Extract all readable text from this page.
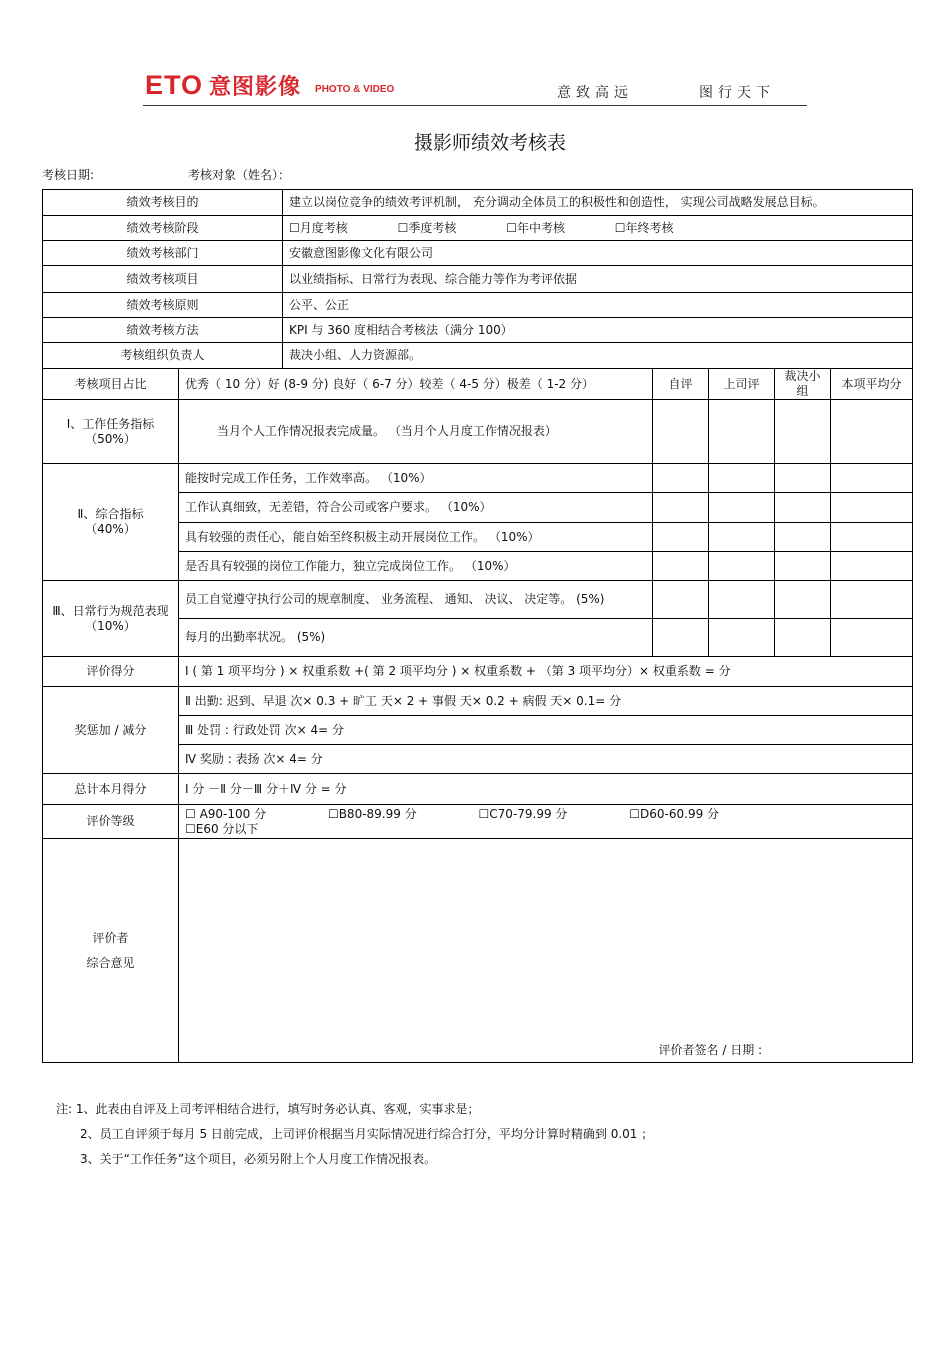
ETO 意图影像 PHOTO & VIDEO	意致高远	图行天下
摄影师绩效考核表
考核日期:	考核对象（姓名）：
绩效考核目的		建立以岗位竞争的绩效考评机制， 充分调动全体员工的积极性和创造性， 实现公司战略发展总目标。				
绩效考核阶段		☐月度考核 ☐季度考核 ☐年中考核 ☐年终考核				
绩效考核部门		安徽意图影像文化有限公司				
绩效考核项目		以业绩指标、日常行为表现、综合能力等作为考评依据				
绩效考核原则		公平、公正				
绩效考核方法		KPI 与 360 度相结合考核法（满分 100）				
考核组织负责人		裁决小组、人力资源部。				
考核项目占比	优秀（ 10 分）好 (8-9 分) 良好（ 6-7 分）较差（ 4-5 分）极差（ 1-2 分）		自评	上司评	裁决小组	本项平均分

Ⅰ、工作任务指标
（50%）	当月个人工作情况报表完成量。 （当月个人月度工作情况报表）					

Ⅱ、综合指标
（40%）	能按时完成工作任务，工作效率高。 （10%）					
	工作认真细致，无差错，符合公司或客户要求。 （10%）					
	具有较强的责任心，能自始至终积极主动开展岗位工作。 （10%）					
	是否具有较强的岗位工作能力，独立完成岗位工作。 （10%）					

Ⅲ、日常行为规范表现
（10%）	员工自觉遵守执行公司的规章制度、 业务流程、 通知、 决议、 决定等。 (5%)					
	每月的出勤率状况。 (5%)					
评价得分	Ⅰ ( 第 1 项平均分 ) × 权重系数 +( 第 2 项平均分 ) × 权重系数 + （第 3 项平均分）× 权重系数 = 分					
奖惩加 / 减分	Ⅱ 出勤: 迟到、早退 次× 0.3 + 旷工 天× 2 + 事假 天× 0.2 + 病假 天× 0.1= 分					
	Ⅲ 处罚 : 行政处罚 次× 4= 分					
	Ⅳ 奖励 : 表扬 次× 4= 分					
总计本月得分	Ⅰ 分 －Ⅱ 分－Ⅲ 分＋Ⅳ 分 = 分					
评价等级	☐ A90-100 分 ☐B80-89.99 分 ☐C70-79.99 分 ☐D60-60.99 分 ☐E60 分以下					

评价者
综合意见	评价者签名 / 日期 :					
注: 1、此表由自评及上司考评相结合进行，填写时务必认真、客观，实事求是；
2、员工自评须于每月 5 日前完成，上司评价根据当月实际情况进行综合打分，平均分计算时精确到 0.01 ；
3、关于“工作任务”这个项目，必须另附上个人月度工作情况报表。
